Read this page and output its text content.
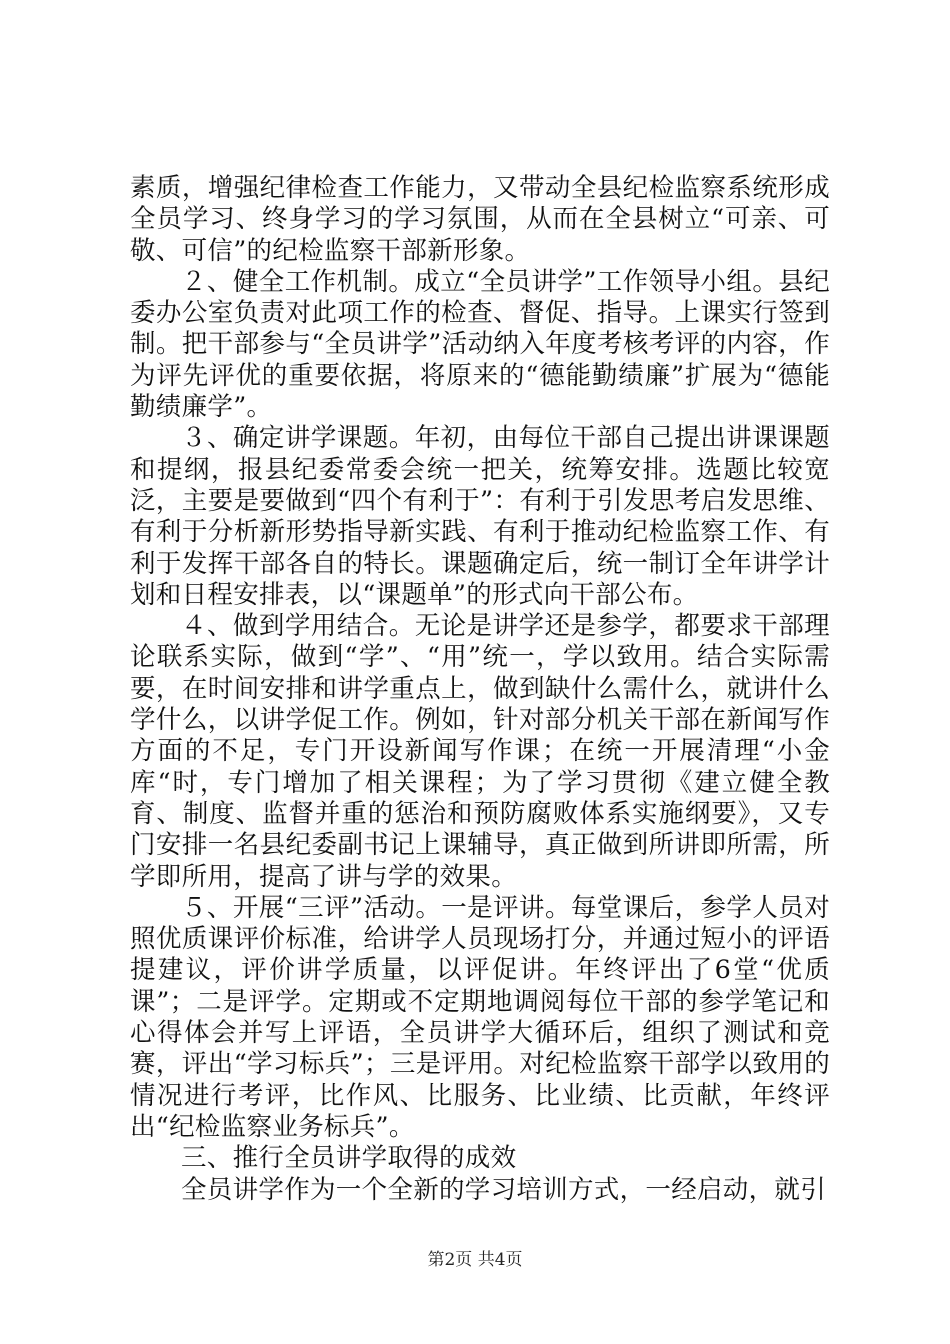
素质，增强纪律检查工作能力，又带动全县纪检监察系统形成全员学习、终身学习的学习氛围，从而在全县树立“可亲、可敬、可信”的纪检监察干部新形象。

２、健全工作机制。成立“全员讲学”工作领导小组。县纪委办公室负责对此项工作的检查、督促、指导。上课实行签到制。把干部参与“全员讲学”活动纳入年度考核考评的内容，作为评先评优的重要依据，将原来的“德能勤绩廉”扩展为“德能勤绩廉学”。

３、确定讲学课题。年初，由每位干部自己提出讲课课题和提纲，报县纪委常委会统一把关，统筹安排。选题比较宽泛，主要是要做到“四个有利于”：有利于引发思考启发思维、有利于分析新形势指导新实践、有利于推动纪检监察工作、有利于发挥干部各自的特长。课题确定后，统一制订全年讲学计划和日程安排表，以“课题单”的形式向干部公布。

４、做到学用结合。无论是讲学还是参学，都要求干部理论联系实际，做到“学”、“用”统一，学以致用。结合实际需要，在时间安排和讲学重点上，做到缺什么需什么，就讲什么学什么，以讲学促工作。例如，针对部分机关干部在新闻写作方面的不足，专门开设新闻写作课；在统一开展清理“小金库“时，专门增加了相关课程；为了学习贯彻《建立健全教育、制度、监督并重的惩治和预防腐败体系实施纲要》，又专门安排一名县纪委副书记上课辅导，真正做到所讲即所需，所学即所用，提高了讲与学的效果。

５、开展“三评”活动。一是评讲。每堂课后，参学人员对照优质课评价标准，给讲学人员现场打分，并通过短小的评语提建议，评价讲学质量，以评促讲。年终评出了6堂“优质课”；二是评学。定期或不定期地调阅每位干部的参学笔记和心得体会并写上评语，全员讲学大循环后，组织了测试和竞赛，评出“学习标兵”；三是评用。对纪检监察干部学以致用的情况进行考评，比作风、比服务、比业绩、比贡献，年终评出“纪检监察业务标兵”。

三、推行全员讲学取得的成效

全员讲学作为一个全新的学习培训方式，一经启动，就引

第2页 共4页
